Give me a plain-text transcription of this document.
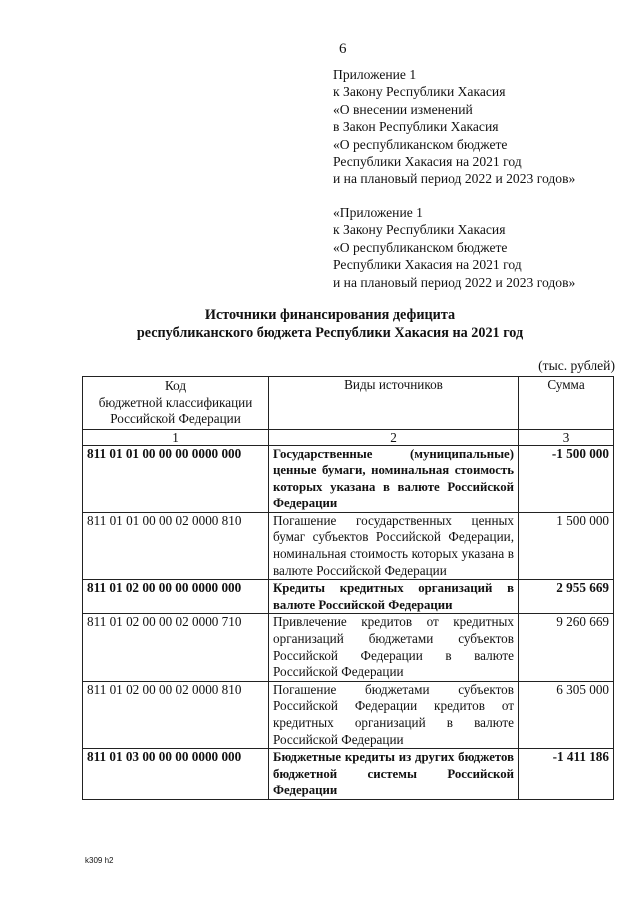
6
Приложение 1
к Закону Республики Хакасия
«О внесении изменений
в Закон Республики Хакасия
«О республиканском бюджете
Республики Хакасия на 2021 год
и на плановый период 2022 и 2023 годов»
«Приложение 1
к Закону Республики Хакасия
«О республиканском бюджете
Республики Хакасия на 2021 год
и на плановый период 2022 и 2023 годов»
Источники финансирования дефицита
республиканского бюджета Республики Хакасия на 2021 год
(тыс. рублей)
Код
бюджетной классификации
Российской Федерации	Виды источников	Сумма
1	2	3
811 01 01 00 00 00 0000 000	Государственные (муниципальные) ценные бумаги, номинальная стоимость которых указана в валюте Российской Федерации	-1 500 000
811 01 01 00 00 02 0000 810	Погашение государственных ценных бумаг субъектов Российской Федерации, номинальная стоимость которых указана в валюте Российской Федерации	1 500 000
811 01 02 00 00 00 0000 000	Кредиты кредитных организаций в валюте Российской Федерации	2 955 669
811 01 02 00 00 02 0000 710	Привлечение кредитов от кредитных организаций бюджетами субъектов Российской Федерации в валюте Российской Федерации	9 260 669
811 01 02 00 00 02 0000 810	Погашение бюджетами субъектов Российской Федерации кредитов от кредитных организаций в валюте Российской Федерации	6 305 000
811 01 03 00 00 00 0000 000	Бюджетные кредиты из других бюджетов бюджетной системы Российской Федерации	-1 411 186
k309 h2
